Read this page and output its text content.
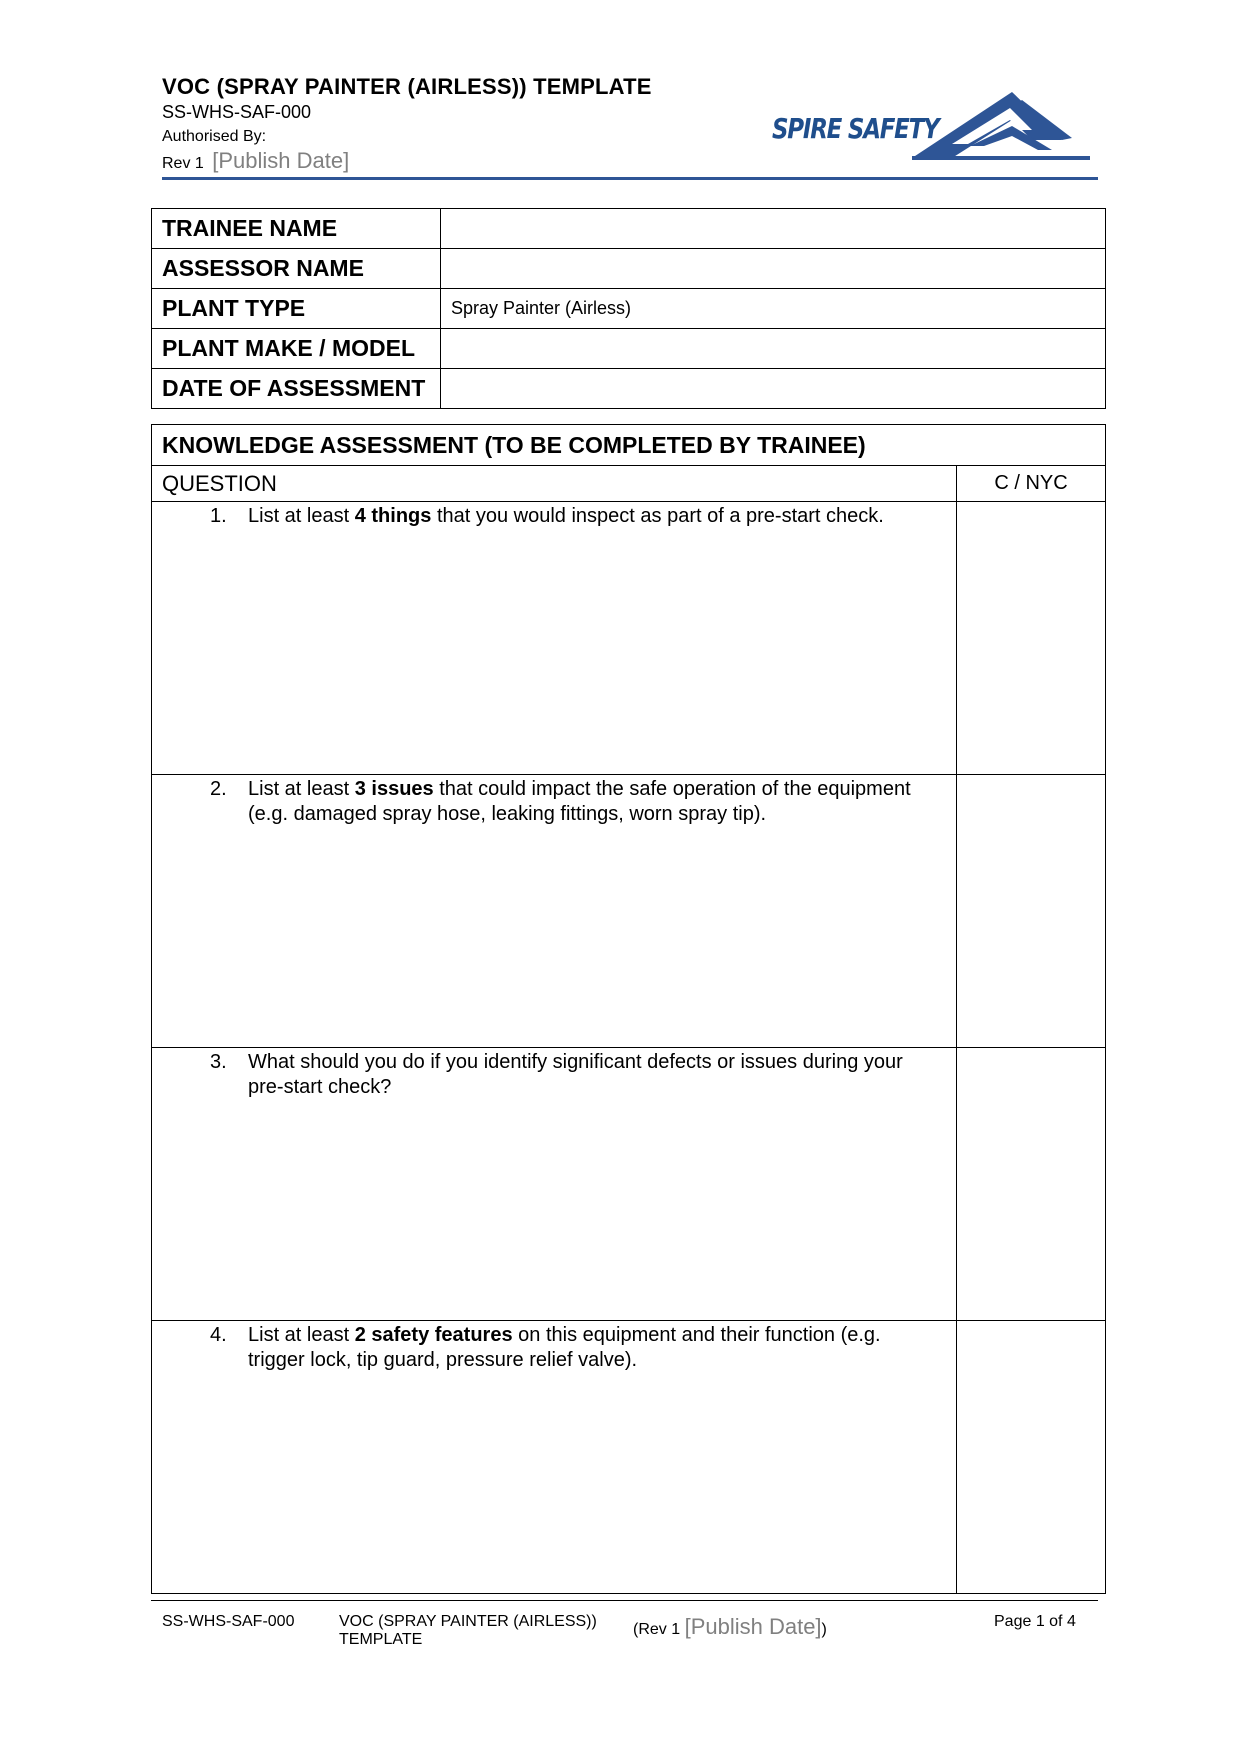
VOC (SPRAY PAINTER (AIRLESS)) TEMPLATE
SS-WHS-SAF-000
Authorised By:
Rev 1 [Publish Date]
SPIRE SAFETY
TRAINEE NAME	
ASSESSOR NAME	
PLANT TYPE	Spray Painter (Airless)
PLANT MAKE / MODEL	
DATE OF ASSESSMENT	
KNOWLEDGE ASSESSMENT (TO BE COMPLETED BY TRAINEE)	
QUESTION	C / NYC

1. List at least 4 things that you would inspect as part of a pre-start check.	

2. List at least 3 issues that could impact the safe operation of the equipment (e.g. damaged spray hose, leaking fittings, worn spray tip).	

3. What should you do if you identify significant defects or issues during your pre-start check?	

4. List at least 2 safety features on this equipment and their function (e.g. trigger lock, tip guard, pressure relief valve).	

SS-WHS-SAF-000	VOC (SPRAY PAINTER (AIRLESS))
TEMPLATE
(Rev 1 [Publish Date])	Page 1 of 4
